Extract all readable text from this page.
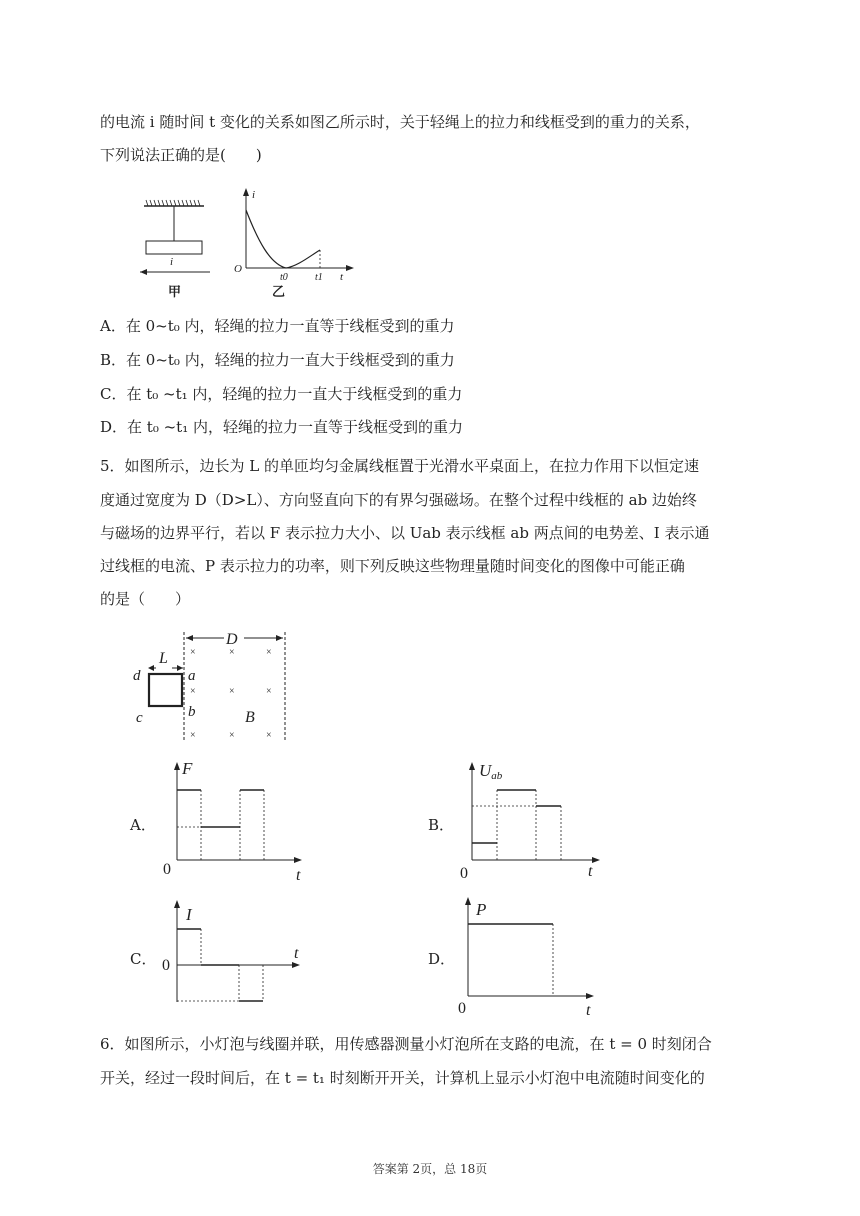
的电流 i 随时间 t 变化的关系如图乙所示时，关于轻绳上的拉力和线框受到的重力的关系，
下列说法正确的是(　　)
i
甲
i
O
t0	t1 t
乙
A．在 0~t₀ 内，轻绳的拉力一直等于线框受到的重力
B．在 0~t₀ 内，轻绳的拉力一直大于线框受到的重力
C．在 t₀ ~t₁ 内，轻绳的拉力一直大于线框受到的重力
D．在 t₀ ~t₁ 内，轻绳的拉力一直等于线框受到的重力
5．如图所示，边长为 L 的单匝均匀金属线框置于光滑水平桌面上，在拉力作用下以恒定速
度通过宽度为 D（D>L）、方向竖直向下的有界匀强磁场。在整个过程中线框的 ab 边始终
与磁场的边界平行，若以 F 表示拉力大小、以 Uab 表示线框 ab 两点间的电势差、I 表示通
过线框的电流、P 表示拉力的功率，则下列反映这些物理量随时间变化的图像中可能正确
的是（　　）
D
L
a
b
c
d
B
×	×	×
×	×	×
×	×	×
A．
F
0	t
B．
Uab
0	t
C．
I
0
t	D．
P
0	t
6．如图所示，小灯泡与线圈并联，用传感器测量小灯泡所在支路的电流，在 t = 0 时刻闭合
开关，经过一段时间后，在 t = t₁ 时刻断开开关，计算机上显示小灯泡中电流随时间变化的
答案第 2页，总 18页
